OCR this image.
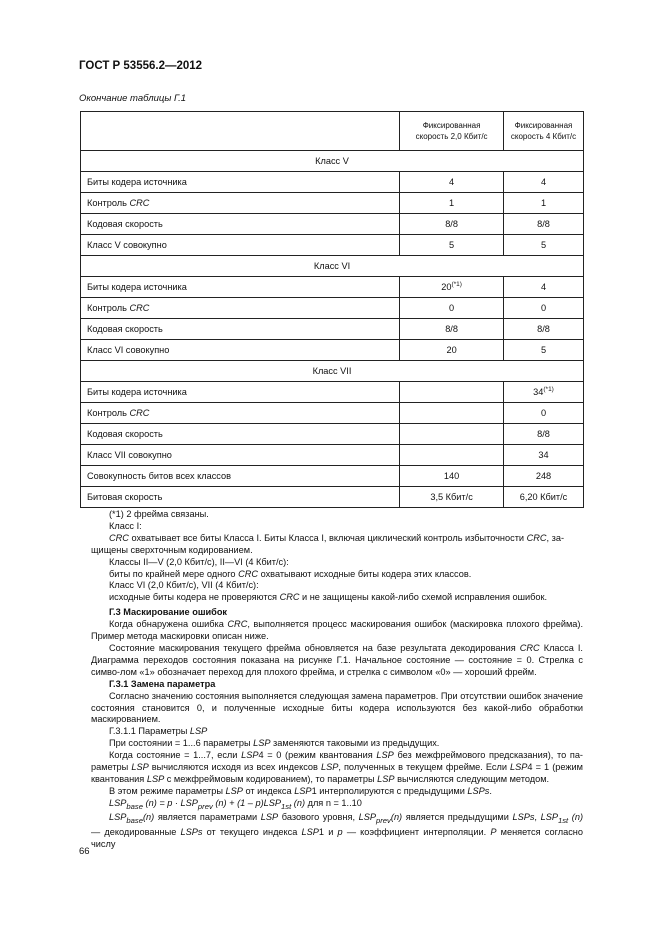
ГОСТ Р 53556.2—2012
Окончание таблицы Г.1
	Фиксированная скорость 2,0 Кбит/с	Фиксированная скорость 4 Кбит/с
Класс V		
Биты кодера источника	4	4
Контроль CRC	1	1
Кодовая скорость	8/8	8/8
Класс V совокупно	5	5
Класс VI		
Биты кодера источника	$20^{(*1)}$	4
Контроль CRC	0	0
Кодовая скорость	8/8	8/8
Класс VI совокупно	20	5
Класс VII		
Биты кодера источника		$34^{(*1)}$
Контроль CRC		0
Кодовая скорость		8/8
Класс VII совокупно		34
Совокупность битов всех классов	140	248
Битовая скорость	3,5 Кбит/с	6,20 Кбит/с

(*1) 2 фрейма связаны.

Класс I:

CRC охватывает все биты Класса I. Биты Класса I, включая циклический контроль избыточности CRC, за-

щищены сверхточным кодированием.

Классы II—V (2,0 Кбит/с), II—VI (4 Кбит/с):

биты по крайней мере одного CRC охватывают исходные биты кодера этих классов.

Класс VI (2,0 Кбит/с), VII (4 Кбит/с):

исходные биты кодера не проверяются CRC и не защищены какой-либо схемой исправления ошибок.

Г.3 Маскирование ошибок

Когда обнаружена ошибка CRC, выполняется процесс маскирования ошибок (маскировка плохого фрейма). Пример метода маскировки описан ниже.

Состояние маскирования текущего фрейма обновляется на базе результата декодирования CRC Класса I. Диаграмма переходов состояния показана на рисунке Г.1. Начальное состояние — состояние = 0. Стрелка с симво-лом «1» обозначает переход для плохого фрейма, и стрелка с символом «0» — хороший фрейм.

Г.3.1 Замена параметра

Согласно значению состояния выполняется следующая замена параметров. При отсутствии ошибок значение состояния становится 0, и полученные исходные биты кодера используются без какой-либо обработки маскированием.

Г.3.1.1 Параметры LSP

При состоянии = 1...6 параметры LSP заменяются таковыми из предыдущих.

Когда состояние = 1...7, если LSP4 = 0 (режим квантования LSP без межфреймового предсказания), то па-раметры LSP вычисляются исходя из всех индексов LSP, полученных в текущем фрейме. Если LSP4 = 1 (режим квантования LSP с межфреймовым кодированием), то параметры LSP вычисляются следующим методом.

В этом режиме параметры LSP от индекса LSP1 интерполируются с предыдущими LSPs.

$LSP_{base}$ $(n) = p \cdot LSP_{prev}$ $(n) + (1 - p)LSP_{1st}$ (n) для n = 1..10

$LSP_{base}(n)$ является параметрами LSP базового уровня, $LSP_{prev}(n)$ является предыдущими LSPs, $LSP_{1st}$ (n) — декодированные LSPs от текущего индекса LSP1 и p — коэффициент интерполяции. P меняется согласно числу

66
